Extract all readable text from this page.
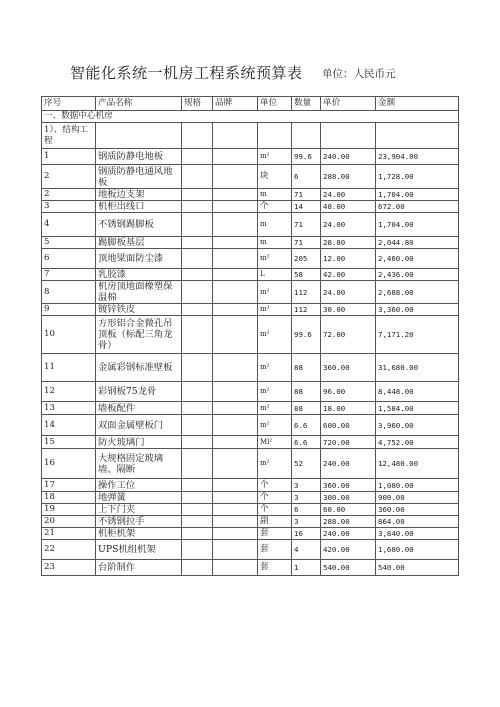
智能化系统一机房工程系统预算表 单位：人民币元
序号	产品名称	规格	品牌	单位	数量	单价	金额
一、数据中心机房							
1）、结构工程							
1	钢质防静电地板			m²	99.6	240.00	23,904.00
2	钢质防静电通风地板			块	6	288.00	1,728.00
2	地板边支架			m	71	24.00	1,704.00
3	机柜出线口			个	14	48.00	672.00
4	不锈钢踢脚板			m	71	24.00	1,704.00
5	踢脚板基层			m	71	28.80	2,044.80
6	顶地梁面防尘漆			m²	205	12.00	2,460.00
7	乳胶漆			L	58	42.00	2,436.00
8	机房顶地面橡塑保温棉			m²	112	24.00	2,688.00
9	镀锌铁皮			m²	112	30.00	3,360.00
10	方形铝合金微孔吊顶板（标配三角龙骨）			m²	99.6	72.00	7,171.20
11	金属彩钢标准壁板			m²	88	360.00	31,680.00
12	彩钢板75龙骨			m²	88	96.00	8,448.00
13	墙板配件			m²	88	18.00	1,584.00
14	双面金属壁板门			m²	6.6	600.00	3,960.00
15	防火玻璃门			Ml²	6.6	720.00	4,752.00
16	大规格固定玻璃墙、隔断			m²	52	240.00	12,480.00
17	操作工位			个	3	360.00	1,080.00
18	地弹簧			个	3	300.00	900.00
19	上下门夹			个	6	60.00	360.00
20	不锈钢拉手			副	3	288.00	864.00
21	机柜机架			套	16	240.00	3,840.00
22	UPS机组机架			套	4	420.00	1,680.00
23	台阶制作			套	1	540.00	540.00
